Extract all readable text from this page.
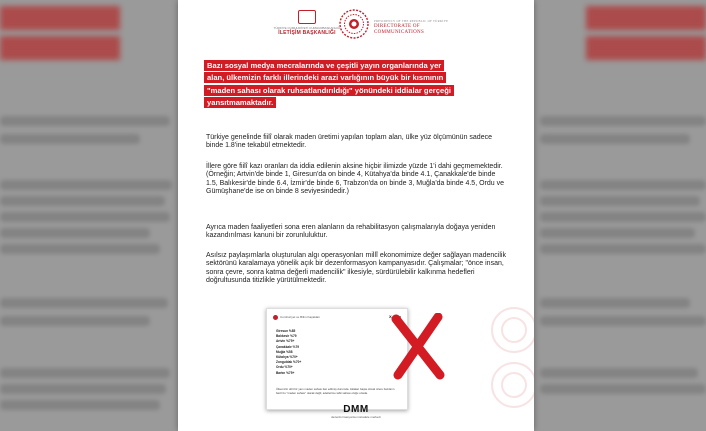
TÜRKİYE CUMHURİYETİ CUMHURBAŞKANLIĞI
İLETİŞİM BAŞKANLIĞI
PRESIDENCY OF THE REPUBLIC OF TÜRKİYE
DIRECTORATE OF
COMMUNICATIONS
Bazı sosyal medya mecralarında ve çeşitli yayın organlarında yer
alan, ülkemizin farklı illerindeki arazi varlığının büyük bir kısmının
"maden sahası olarak ruhsatlandırıldığı" yönündeki iddialar gerçeği
yansıtmamaktadır.
Türkiye genelinde fiilî olarak maden üretimi yapılan toplam alan, ülke yüz ölçümünün sadece binde 1.8'ine tekabül etmektedir.
İllere göre fiilî kazı oranları da iddia edilenin aksine hiçbir ilimizde yüzde 1'i dahi geçmemektedir. (Örneğin; Artvin'de binde 1, Giresun'da on binde 4, Kütahya'da binde 4.1, Çanakkale'de binde 1.5, Balıkesir'de binde 6.4, İzmir'de binde 6, Trabzon'da on binde 3, Muğla'da binde 4.5, Ordu ve Gümüşhane'de ise on binde 8 seviyesindedir.)
Ayrıca maden faaliyetleri sona eren alanların da rehabilitasyon çalışmalarıyla doğaya yeniden kazandırılması kanuni bir zorunluluktur.
Asılsız paylaşımlarla oluşturulan algı operasyonları millî ekonomimize değer sağlayan madencilik sektörünü karalamaya yönelik açık bir dezenformasyon kampanyasıdır. Çalışmalar; "önce insan, sonra çevre, sonra katma değerli madencilik" ilkesiyle, sürdürülebilir kalkınma hedefleri doğrultusunda titizlikle yürütülmektedir.
Cumhuriyet ve Bilim Kaçakları	X.com
Giresun %85
Balıkesir %79
Artvin %75+
Çanakkale %79
Muğla %58
Kütahya %70+
Zonguldak %70+
Ordu %70+
Bartın %75+
Ülkemizin dört bir yanı maden sahası ilan edilmiş durumda. Aktaları başta olmak üzere bazıların bazıl bu "maden sahası" olarak değil, adetlerime tabii sahası oluğu ortada.
DMM
dezenformasyonla mücadele merkezi
